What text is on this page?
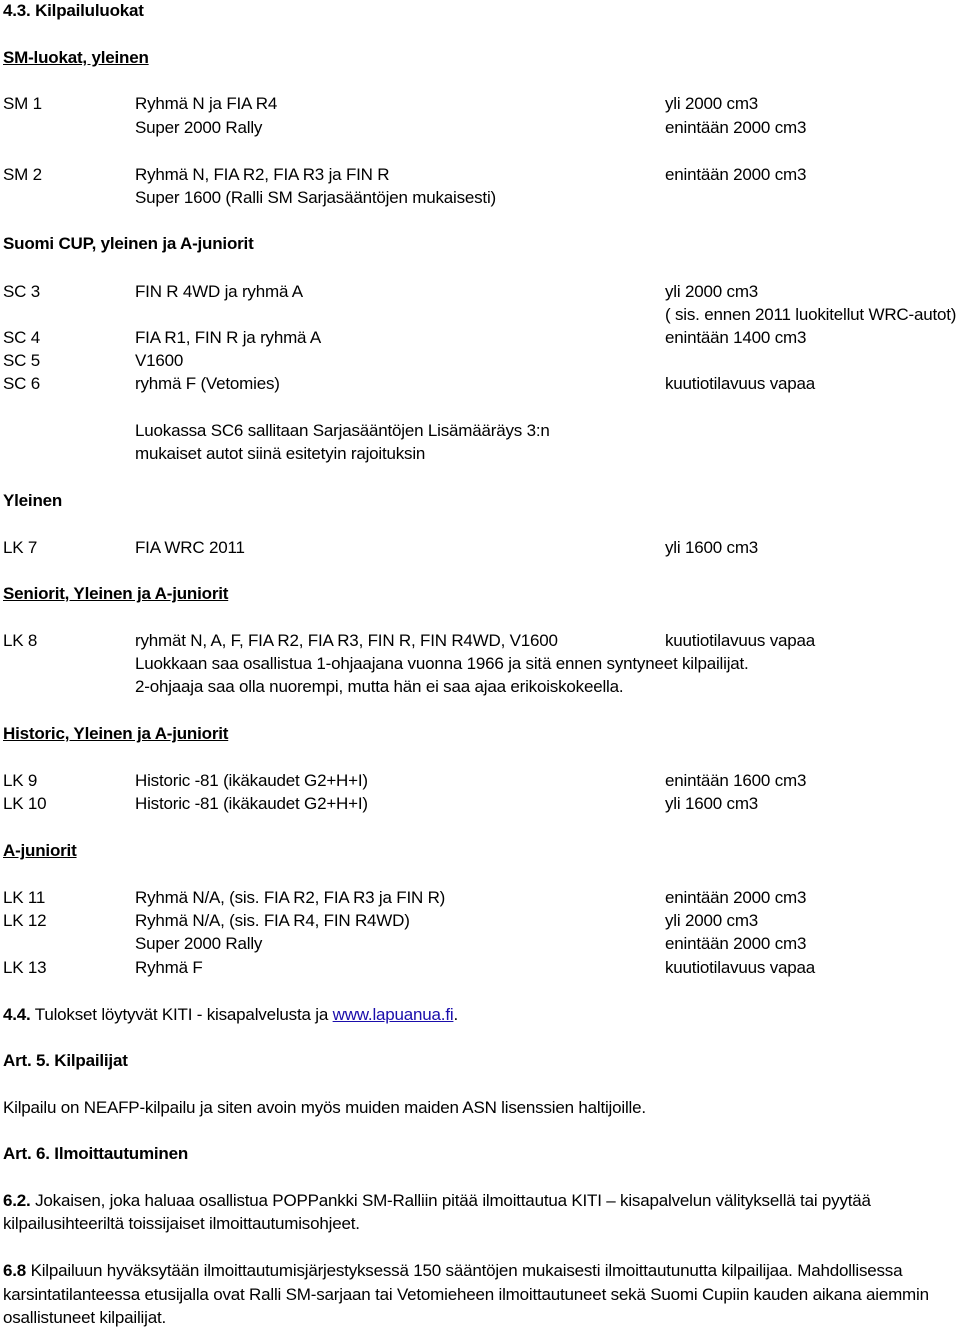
4.3. Kilpailuluokat
SM-luokat, yleinen
SM 1	Ryhmä N ja FIA R4	yli 2000 cm3
Super 2000 Rally	enintään 2000 cm3
SM 2	Ryhmä N, FIA R2, FIA R3 ja FIN R	enintään 2000 cm3
Super 1600 (Ralli SM Sarjasääntöjen mukaisesti)
Suomi CUP, yleinen ja A-juniorit
SC 3	FIN R 4WD ja ryhmä A	yli 2000 cm3
( sis. ennen 2011 luokitellut WRC-autot)
SC 4	FIA R1, FIN R ja ryhmä A	enintään 1400 cm3
SC 5	V1600
SC 6	ryhmä F (Vetomies)	kuutiotilavuus vapaa
Luokassa SC6 sallitaan Sarjasääntöjen Lisämääräys 3:n
mukaiset autot siinä esitetyin rajoituksin
Yleinen
LK 7	FIA WRC 2011	yli 1600 cm3
Seniorit, Yleinen ja A-juniorit
LK 8	ryhmät N, A, F, FIA R2, FIA R3, FIN R, FIN R4WD, V1600	kuutiotilavuus vapaa
Luokkaan saa osallistua 1-ohjaajana vuonna 1966 ja sitä ennen syntyneet kilpailijat.
2-ohjaaja saa olla nuorempi, mutta hän ei saa ajaa erikoiskokeella.
Historic, Yleinen ja A-juniorit
LK 9	Historic -81 (ikäkaudet G2+H+I)	enintään 1600 cm3
LK 10	Historic -81 (ikäkaudet G2+H+I)	yli 1600 cm3
A-juniorit
LK 11	Ryhmä N/A, (sis. FIA R2, FIA R3 ja FIN R)	enintään 2000 cm3
LK 12	Ryhmä N/A, (sis. FIA R4, FIN R4WD)	yli 2000 cm3
Super 2000 Rally	enintään 2000 cm3
LK 13	Ryhmä F	kuutiotilavuus vapaa
4.4. Tulokset löytyvät KITI - kisapalvelusta ja www.lapuanua.fi.
Art. 5. Kilpailijat
Kilpailu on NEAFP-kilpailu ja siten avoin myös muiden maiden ASN lisenssien haltijoille.
Art. 6. Ilmoittautuminen
6.2. Jokaisen, joka haluaa osallistua POPPankki SM-Ralliin pitää ilmoittautua KITI – kisapalvelun välityksellä tai pyytää
kilpailusihteeriltä toissijaiset ilmoittautumisohjeet.
6.8 Kilpailuun hyväksytään ilmoittautumisjärjestyksessä 150 sääntöjen mukaisesti ilmoittautunutta kilpailijaa. Mahdollisessa
karsintatilanteessa etusijalla ovat Ralli SM-sarjaan tai Vetomieheen ilmoittautuneet sekä Suomi Cupiin kauden aikana aiemmin
osallistuneet kilpailijat.
